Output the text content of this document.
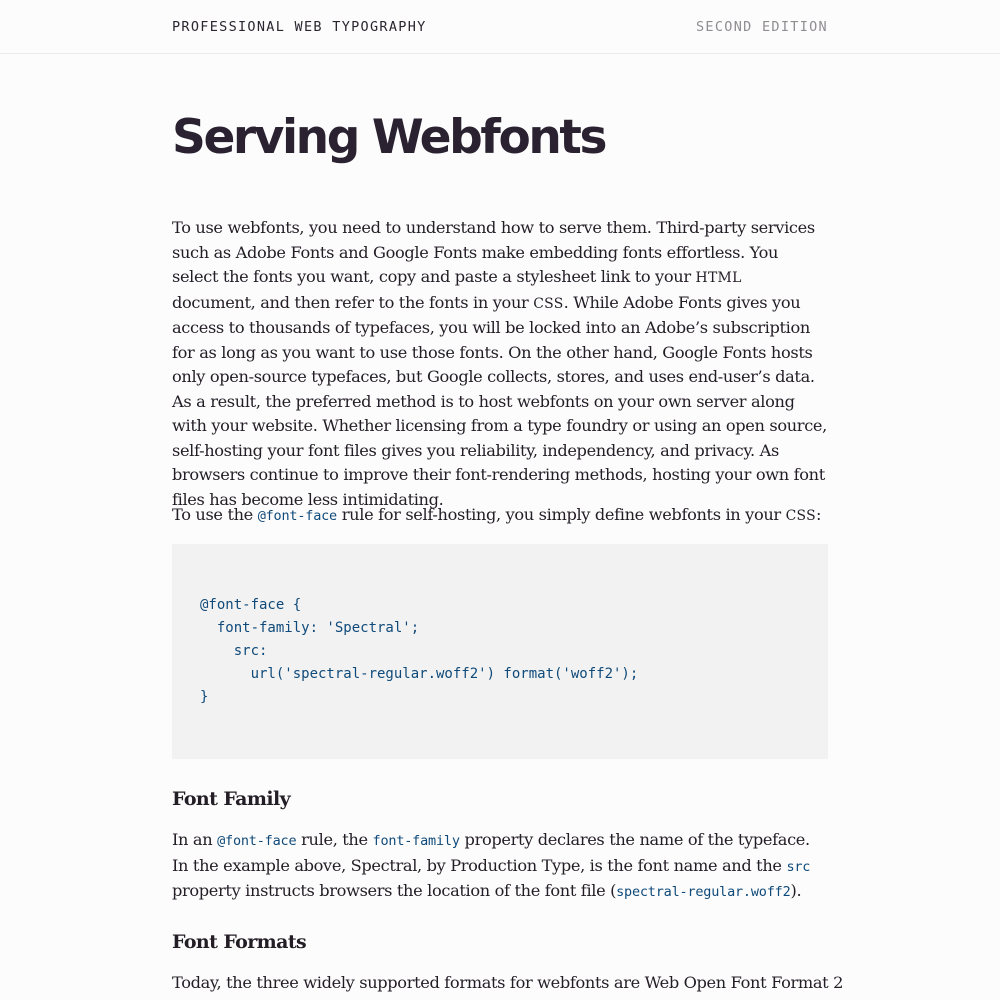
PROFESSIONAL WEB TYPOGRAPHY	SECOND EDITION
Serving Webfonts

To use webfonts, you need to understand how to serve them. Third-party services such as Adobe Fonts and Google Fonts make embedding fonts effortless. You select the fonts you want, copy and paste a stylesheet link to your HTML document, and then refer to the fonts in your CSS. While Adobe Fonts gives you access to thousands of typefaces, you will be locked into an Adobe’s subscription for as long as you want to use those fonts. On the other hand, Google Fonts hosts only open-source typefaces, but Google collects, stores, and uses end-user’s data. As a result, the preferred method is to host webfonts on your own server along with your website. Whether licensing from a type foundry or using an open source, self-hosting your font files gives you reliability, independency, and privacy. As browsers continue to improve their font-rendering methods, hosting your own font files has become less intimidating.

To use the @font-face rule for self-hosting, you simply define webfonts in your CSS:

@font-face {
font-family: 'Spectral';
src:
url('spectral-regular.woff2') format('woff2');
}
Font Family

In an @font-face rule, the font-family property declares the name of the typeface. In the example above, Spectral, by Production Type, is the font name and the src property instructs browsers the location of the font file (spectral-regular.woff2).

Font Formats

Today, the three widely supported formats for webfonts are Web Open Font Format 2
